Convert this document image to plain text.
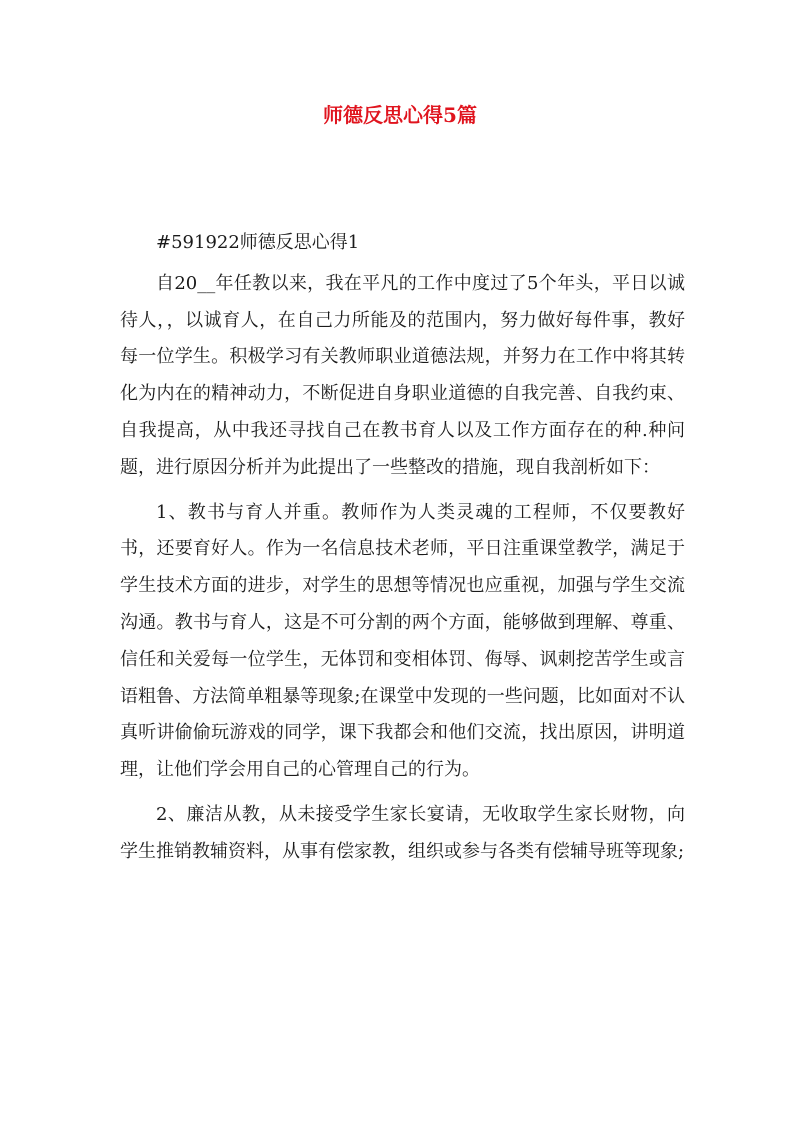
师德反思心得5篇

#591922师德反思心得1

自20__年任教以来，我在平凡的工作中度过了5个年头，平日以诚待人，，以诚育人，在自己力所能及的范围内，努力做好每件事，教好每一位学生。积极学习有关教师职业道德法规，并努力在工作中将其转化为内在的精神动力，不断促进自身职业道德的自我完善、自我约束、自我提高，从中我还寻找自己在教书育人以及工作方面存在的种.种问题，进行原因分析并为此提出了一些整改的措施，现自我剖析如下：

1、教书与育人并重。教师作为人类灵魂的工程师，不仅要教好书，还要育好人。作为一名信息技术老师，平日注重课堂教学，满足于学生技术方面的进步，对学生的思想等情况也应重视，加强与学生交流沟通。教书与育人，这是不可分割的两个方面，能够做到理解、尊重、信任和关爱每一位学生，无体罚和变相体罚、侮辱、讽刺挖苦学生或言语粗鲁、方法简单粗暴等现象;在课堂中发现的一些问题，比如面对不认真听讲偷偷玩游戏的同学，课下我都会和他们交流，找出原因，讲明道理，让他们学会用自己的心管理自己的行为。

2、廉洁从教，从未接受学生家长宴请，无收取学生家长财物，向学生推销教辅资料，从事有偿家教，组织或参与各类有偿辅导班等现象;
